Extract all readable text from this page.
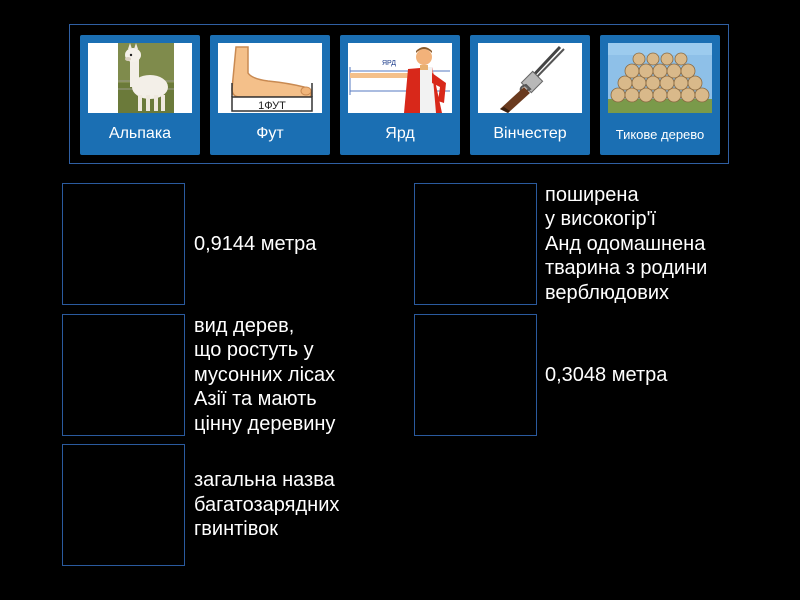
Альпака
1ФУТ
Фут
ЯРД
Ярд	Вінчестер	Тикове дерево
0,9144 метра
вид дерев,
що ростуть у
мусонних лісах
Азії та мають
цінну деревину
загальна назва
багатозарядних
гвинтівок
поширена
у високогір'ї
Анд одомашнена
тварина з родини
верблюдових
0,3048 метра
